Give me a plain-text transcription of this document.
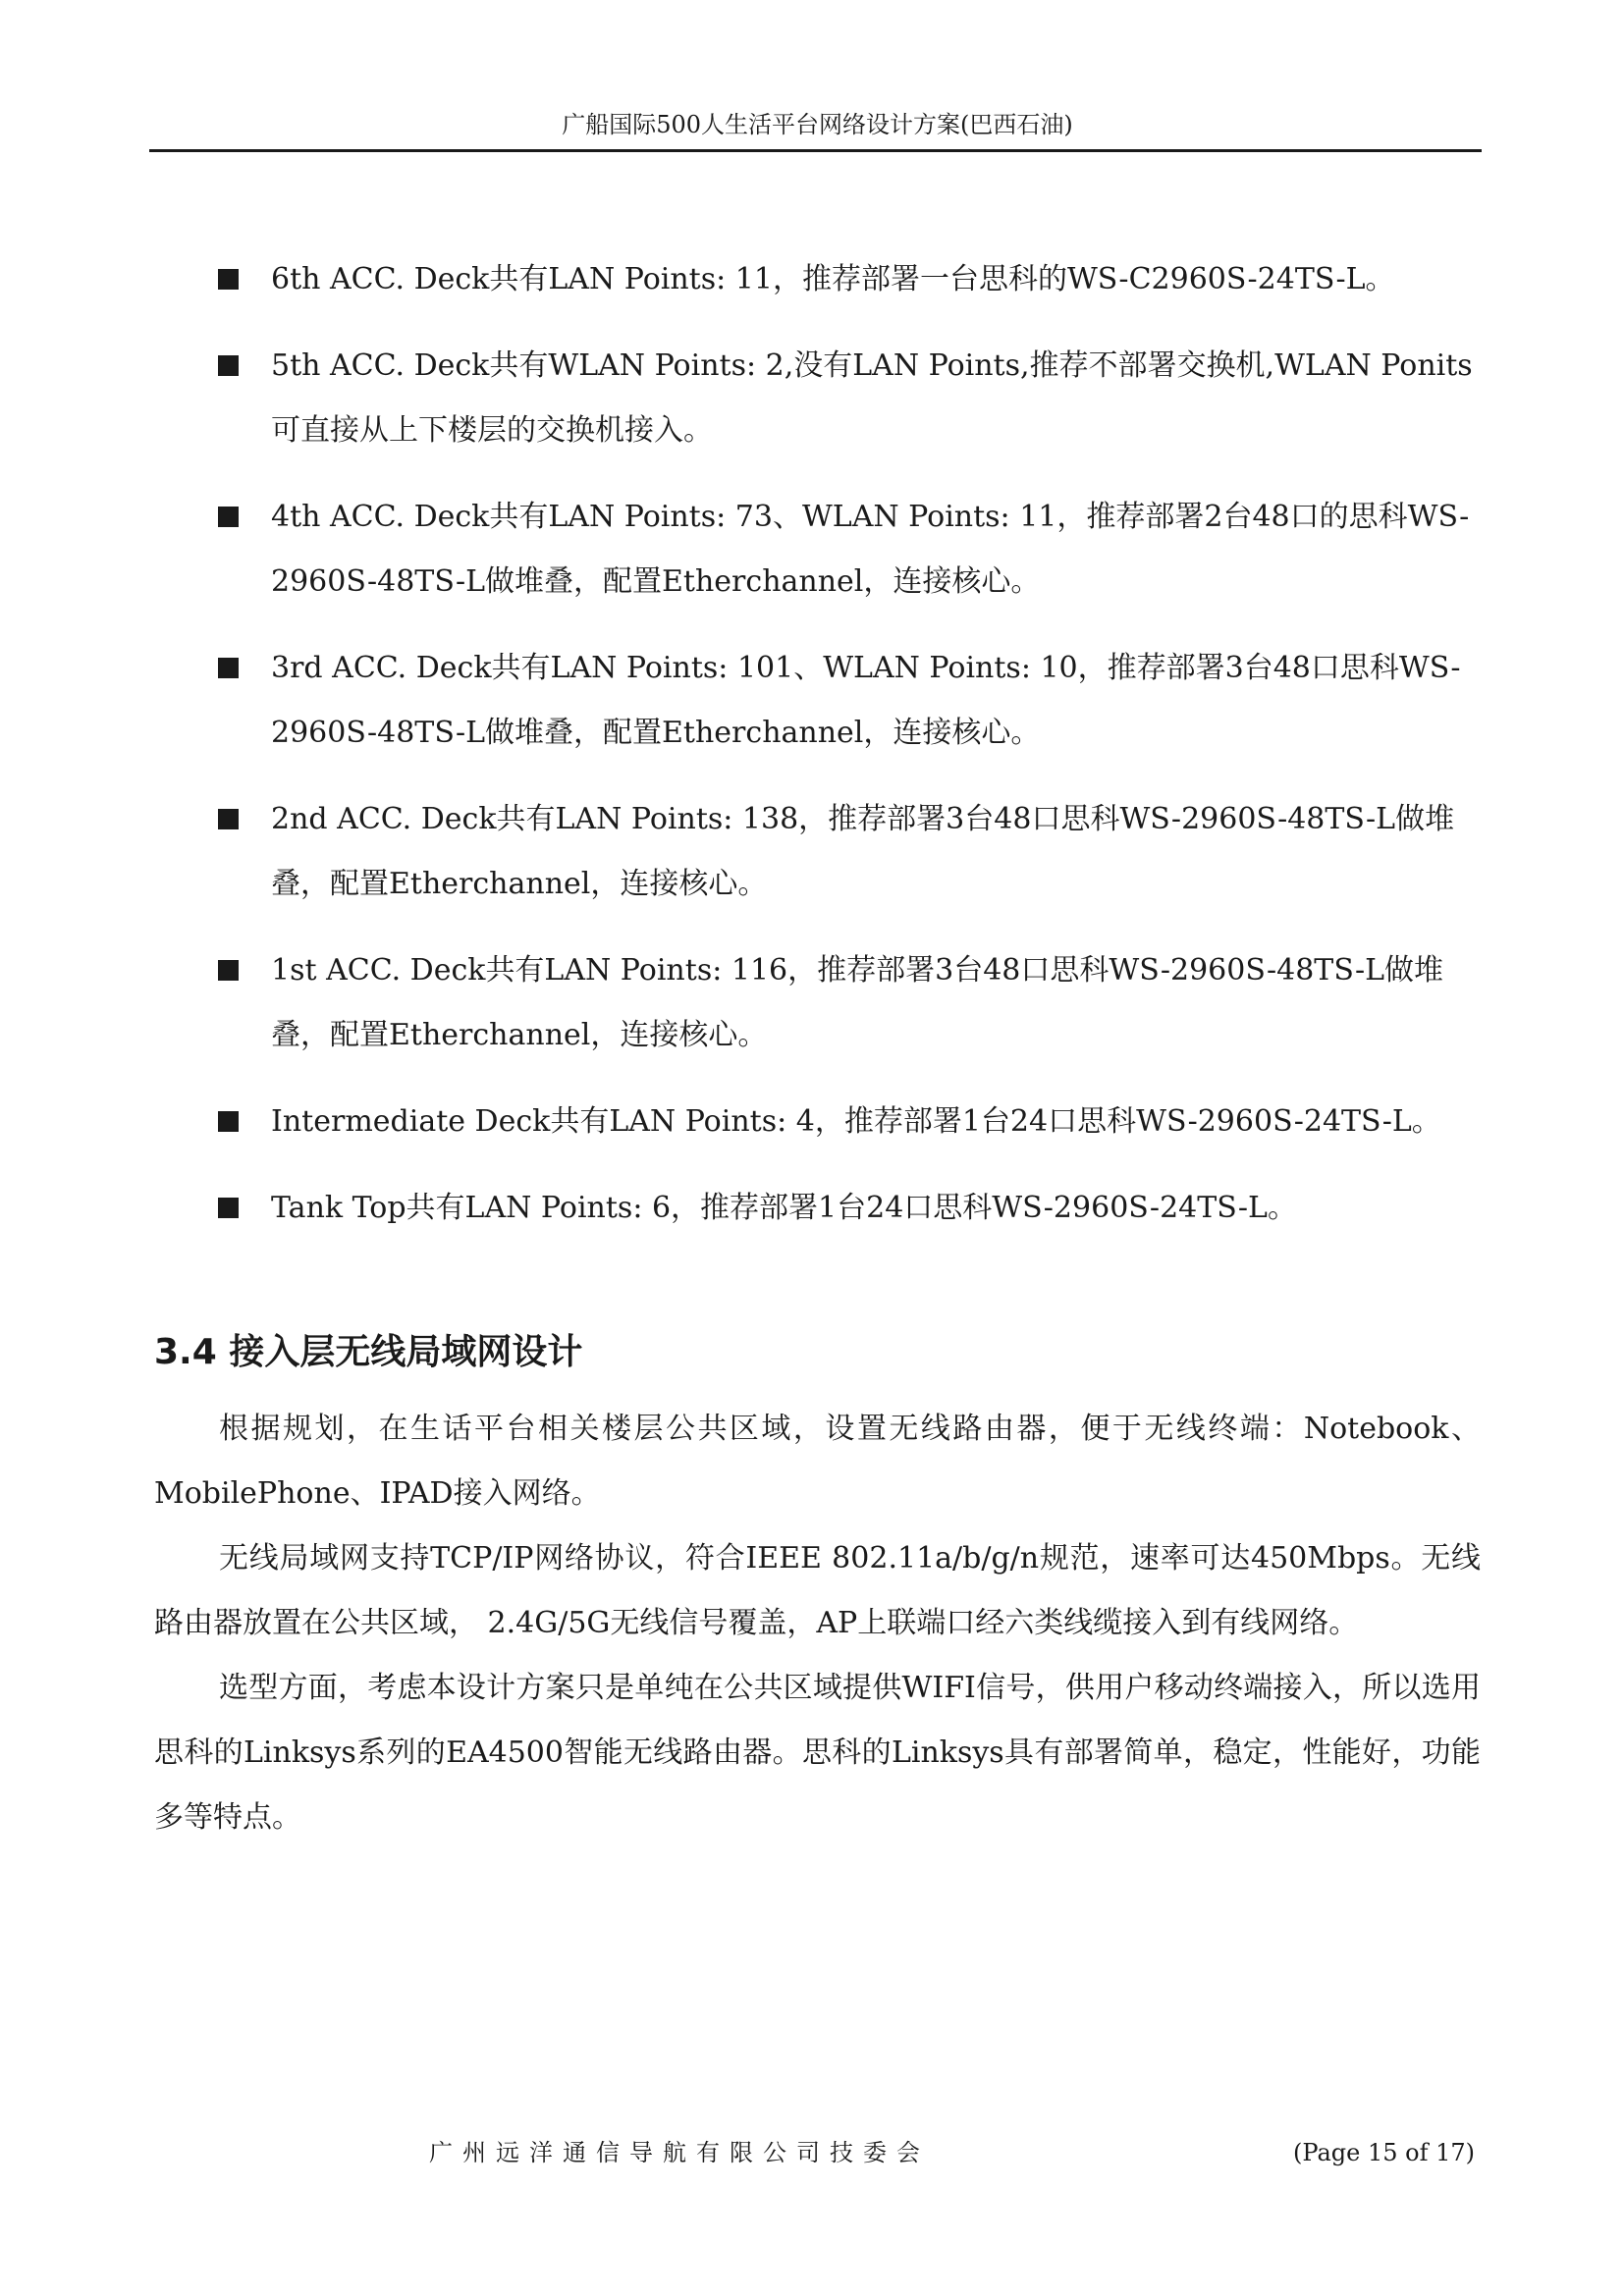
广船国际500人生活平台网络设计方案(巴西石油)
6th ACC. Deck共有LAN Points: 11，推荐部署一台思科的WS-C2960S-24TS-L。
5th ACC. Deck共有WLAN Points: 2,没有LAN Points,推荐不部署交换机,WLAN Ponits可直接从上下楼层的交换机接入。
4th ACC. Deck共有LAN Points: 73、WLAN Points: 11，推荐部署2台48口的思科WS-2960S-48TS-L做堆叠，配置Etherchannel，连接核心。
3rd ACC. Deck共有LAN Points: 101、WLAN Points: 10，推荐部署3台48口思科WS-2960S-48TS-L做堆叠，配置Etherchannel，连接核心。
2nd ACC. Deck共有LAN Points: 138，推荐部署3台48口思科WS-2960S-48TS-L做堆叠，配置Etherchannel，连接核心。
1st ACC. Deck共有LAN Points: 116，推荐部署3台48口思科WS-2960S-48TS-L做堆叠，配置Etherchannel，连接核心。
Intermediate Deck共有LAN Points: 4，推荐部署1台24口思科WS-2960S-24TS-L。
Tank Top共有LAN Points: 6，推荐部署1台24口思科WS-2960S-24TS-L。
3.4 接入层无线局域网设计

根据规划，在生话平台相关楼层公共区域，设置无线路由器，便于无线终端：Notebook、MobilePhone、IPAD接入网络。

无线局域网支持TCP/IP网络协议，符合IEEE 802.11a/b/g/n规范，速率可达450Mbps。无线路由器放置在公共区域， 2.4G/5G无线信号覆盖，AP上联端口经六类线缆接入到有线网络。

选型方面，考虑本设计方案只是单纯在公共区域提供WIFI信号，供用户移动终端接入，所以选用思科的Linksys系列的EA4500智能无线路由器。思科的Linksys具有部署简单，稳定，性能好，功能多等特点。

广州远洋通信导航有限公司技委会	(Page 15 of 17)
